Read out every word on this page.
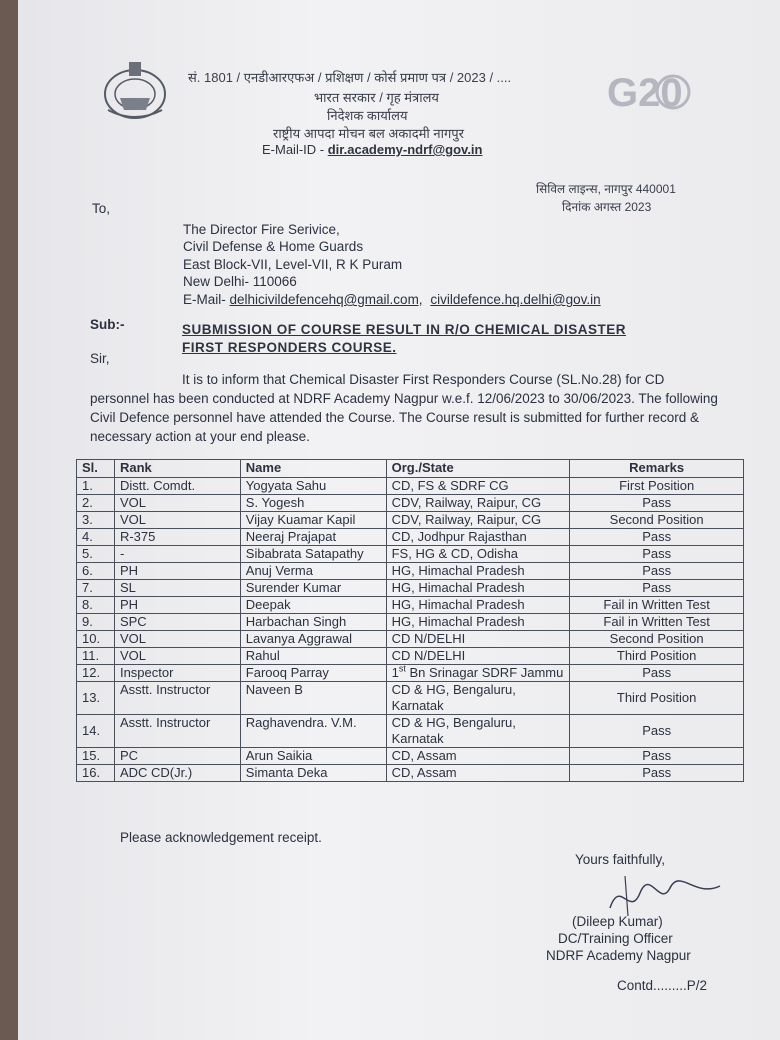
G20
सं. 1801 / एनडीआरएफअ / प्रशिक्षण / कोर्स प्रमाण पत्र / 2023 / ....
भारत सरकार / गृह मंत्रालय
निदेशक कार्यालय
राष्ट्रीय आपदा मोचन बल अकादमी नागपुर
E-Mail-ID - dir.academy-ndrf@gov.in
सिविल लाइन्स, नागपुर 440001
दिनांक अगस्त 2023
To,
The Director Fire Serivice,
Civil Defense & Home Guards
East Block-VII, Level-VII, R K Puram
New Delhi- 110066
E-Mail- delhicivildefencehq@gmail.com, civildefence.hq.delhi@gov.in
Sub:-	SUBMISSION OF COURSE RESULT IN R/O CHEMICAL DISASTER
FIRST RESPONDERS COURSE.
Sir,
It is to inform that Chemical Disaster First Responders Course (SL.No.28) for CD personnel has been conducted at NDRF Academy Nagpur w.e.f. 12/06/2023 to 30/06/2023. The following Civil Defence personnel have attended the Course. The Course result is submitted for further record & necessary action at your end please.
Sl.	Rank	Name	Org./State	Remarks
1.	Distt. Comdt.	Yogyata Sahu	CD, FS & SDRF CG	First Position
2.	VOL	S. Yogesh	CDV, Railway, Raipur, CG	Pass
3.	VOL	Vijay Kuamar Kapil	CDV, Railway, Raipur, CG	Second Position
4.	R-375	Neeraj Prajapat	CD, Jodhpur Rajasthan	Pass
5.	-	Sibabrata Satapathy	FS, HG & CD, Odisha	Pass
6.	PH	Anuj Verma	HG, Himachal Pradesh	Pass
7.	SL	Surender Kumar	HG, Himachal Pradesh	Pass
8.	PH	Deepak	HG, Himachal Pradesh	Fail in Written Test
9.	SPC	Harbachan Singh	HG, Himachal Pradesh	Fail in Written Test
10.	VOL	Lavanya Aggrawal	CD N/DELHI	Second Position
11.	VOL	Rahul	CD N/DELHI	Third Position
12.	Inspector	Farooq Parray	1st Bn Srinagar SDRF Jammu	Pass
13.	Asstt. Instructor	Naveen B	CD & HG, Bengaluru, Karnatak	Third Position
14.	Asstt. Instructor	Raghavendra. V.M.	CD & HG, Bengaluru, Karnatak	Pass
15.	PC	Arun Saikia	CD, Assam	Pass
16.	ADC CD(Jr.)	Simanta Deka	CD, Assam	Pass
Please acknowledgement receipt.
Yours faithfully,
(Dileep Kumar)
DC/Training Officer
NDRF Academy Nagpur
Contd.........P/2
